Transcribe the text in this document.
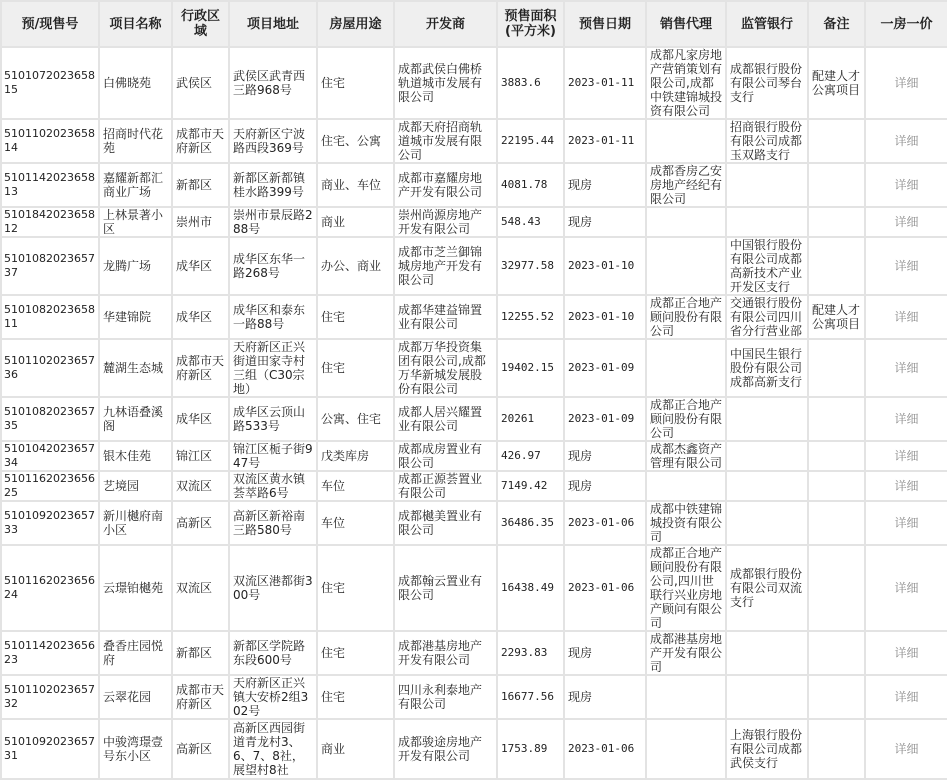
预/现售号	项目名称	行政区域	项目地址	房屋用途	开发商	预售面积(平方米)	预售日期	销售代理	监管银行	备注	一房一价
510107202365815	白佛晓苑	武侯区	武侯区武青西三路968号	住宅	成都武侯白佛桥轨道城市发展有限公司	3883.6	2023-01-11	成都凡家房地产营销策划有限公司,成都中铁建锦城投资有限公司	成都银行股份有限公司琴台支行	配建人才公寓项目	详细
510110202365814	招商时代花苑	成都市天府新区	天府新区宁波路西段369号	住宅、公寓	成都天府招商轨道城市发展有限公司	22195.44	2023-01-11		招商银行股份有限公司成都玉双路支行		详细
510114202365813	嘉耀新都汇商业广场	新都区	新都区新都镇桂水路399号	商业、车位	成都市嘉耀房地产开发有限公司	4081.78	现房	成都香房乙安房地产经纪有限公司			详细
510184202365812	上林景著小区	崇州市	崇州市景辰路288号	商业	崇州尚源房地产开发有限公司	548.43	现房				详细
510108202365737	龙腾广场	成华区	成华区东华一路268号	办公、商业	成都市芝兰御锦城房地产开发有限公司	32977.58	2023-01-10		中国银行股份有限公司成都高新技术产业开发区支行		详细
510108202365811	华建锦院	成华区	成华区和泰东一路88号	住宅	成都华建益锦置业有限公司	12255.52	2023-01-10	成都正合地产顾问股份有限公司	交通银行股份有限公司四川省分行营业部	配建人才公寓项目	详细
510110202365736	麓湖生态城	成都市天府新区	天府新区正兴街道田家寺村三组（C30宗地）	住宅	成都万华投资集团有限公司,成都万华新城发展股份有限公司	19402.15	2023-01-09		中国民生银行股份有限公司成都高新支行		详细
510108202365735	九林语叠溪阁	成华区	成华区云顶山路533号	公寓、住宅	成都人居兴耀置业有限公司	20261	2023-01-09	成都正合地产顾问股份有限公司			详细
510104202365734	银木佳苑	锦江区	锦江区栀子街947号	戊类库房	成都成房置业有限公司	426.97	现房	成都杰鑫资产管理有限公司			详细
510116202365625	艺境园	双流区	双流区黄水镇荟萃路6号	车位	成都正源荟置业有限公司	7149.42	现房				详细
510109202365733	新川樾府南小区	高新区	高新区新裕南三路580号	车位	成都樾美置业有限公司	36486.35	2023-01-06	成都中铁建锦城投资有限公司			详细
510116202365624	云璟铂樾苑	双流区	双流区港都街300号	住宅	成都翰云置业有限公司	16438.49	2023-01-06	成都正合地产顾问股份有限公司,四川世联行兴业房地产顾问有限公司	成都银行股份有限公司双流支行		详细
510114202365623	叠香庄园悦府	新都区	新都区学院路东段600号	住宅	成都港基房地产开发有限公司	2293.83	现房	成都港基房地产开发有限公司			详细
510110202365732	云翠花园	成都市天府新区	天府新区正兴镇大安桥2组302号	住宅	四川永利泰地产有限公司	16677.56	现房				详细
510109202365731	中骏湾璟壹号东小区	高新区	高新区西园街道青龙村3、6、7、8社，展望村8社	商业	成都骏途房地产开发有限公司	1753.89	2023-01-06		上海银行股份有限公司成都武侯支行		详细
